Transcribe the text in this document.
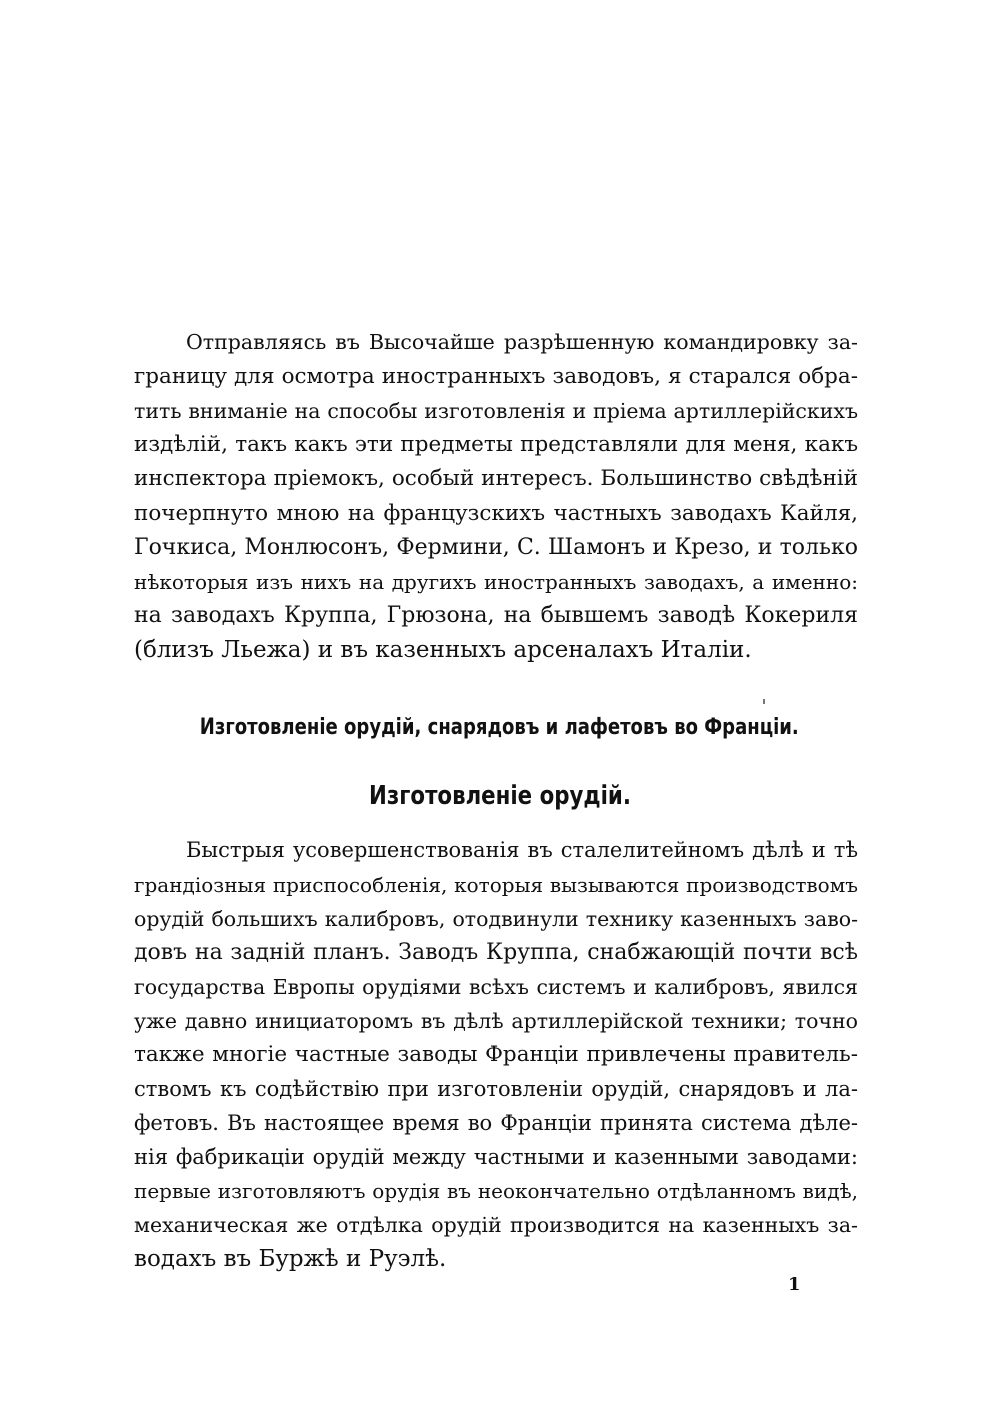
Отправляясь въ Высочайше разрѣшенную командировку за-
границу для осмотра иностранныхъ заводовъ, я старался обра-
тить вниманіе на способы изготовленія и пріема артиллерійскихъ
издѣлій, такъ какъ эти предметы представляли для меня, какъ
инспектора пріемокъ, особый интересъ. Большинство свѣдѣній
почерпнуто мною на французскихъ частныхъ заводахъ Кайля,
Гочкиса, Монлюсонъ, Фермини, С. Шамонъ и Крезо, и только
нѣкоторыя изъ нихъ на другихъ иностранныхъ заводахъ, а именно:
на заводахъ Круппа, Грюзона, на бывшемъ заводѣ Кокериля
(близъ Льежа) и въ казенныхъ арсеналахъ Италіи.
Изготовленіе орудій, снарядовъ и лафетовъ во Франціи.
Изготовленіе орудій.
Быстрыя усовершенствованія въ сталелитейномъ дѣлѣ и тѣ
грандіозныя приспособленія, которыя вызываются производствомъ
орудій большихъ калибровъ, отодвинули технику казенныхъ заво-
довъ на задній планъ. Заводъ Круппа, снабжающій почти всѣ
государства Европы орудіями всѣхъ системъ и калибровъ, явился
уже давно инициаторомъ въ дѣлѣ артиллерійской техники; точно
также многіе частные заводы Франціи привлечены правитель-
ствомъ къ содѣйствію при изготовленіи орудій, снарядовъ и ла-
фетовъ. Въ настоящее время во Франціи принята система дѣле-
нія фабрикаціи орудій между частными и казенными заводами:
первые изготовляютъ орудія въ неокончательно отдѣланномъ видѣ,
механическая же отдѣлка орудій производится на казенныхъ за-
водахъ въ Буржѣ и Руэлѣ.
1
